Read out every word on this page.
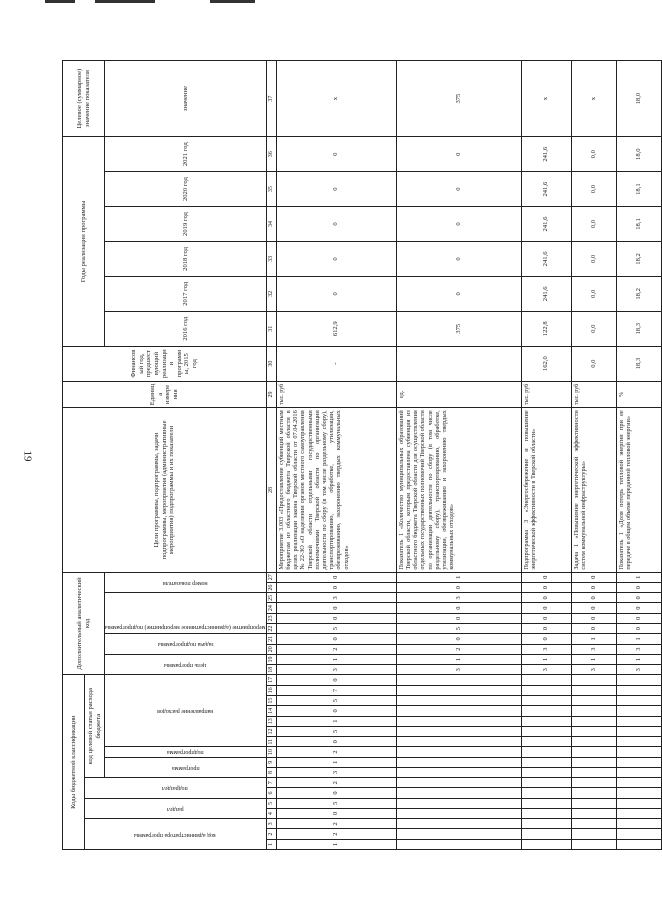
19
Коды бюджетной классификации																	Дополнительный аналитический код										Цели программы, подпрограммы, задачи подпрограммы, мероприятия (административные мероприятия) подпрограммы и их показатели	Единица измерения	Финансовый год, предшествующий реализации программы, 2015 год	Годы реализации программы						Целевое (суммарное) значение показателя

код администратора программы			раздел		подраздел		код целевой статьи расхода бюджета																													

							программа		подпрограмма	направление расходов							цель программы		задача подпрограммы		мероприятие (административное мероприятие) подпрограммы				номер показателя					2016 год	2017 год	2018 год	2019 год	2020 год	2021 год	значение
1	2	3	4	5	6	7	8	9	10	11	12	13	14	15	16	17	18	19	20	21	22	23	24	25	26	27	28	29	30	31	32	33	34	35	36	37
1	2	2	0	5	0	2	3	1	2	0	5	1	0	5	7	0	3	1	2	0	5	0	0	3	0	0	Мероприятие 3.003 «Предоставление субвенций местным бюджетам из областного бюджета Тверской области в целях реализации закона Тверской области от 07.04.2016 № 22-ЗО «О наделении органов местного самоуправления Тверской области отдельными государственными полномочиями Тверской области по организации деятельности по сбору (в том числе раздельному сбору), транспортированию, обработке, утилизации, обезвреживанию, захоронению твердых коммунальных отходов»	тыс. руб	-	612,9	0	0	0	0	0	x
																	3	1	2	0	5	0	0	3	0	1	Показатель 1 «Количество муниципальных образований Тверской области, которым предоставлена субвенция из областного бюджета Тверской области для осуществления отдельных государственных полномочий Тверской области по организации деятельности по сбору (в том числе раздельному сбору), транспортированию, обработке, утилизации, обезвреживанию и захоронению твердых коммунальных отходов»	ед.		375	0	0	0	0	0	375
																	3	1	3	0	0	0	0	0	0	0	Подпрограмма 3 «Энергосбережение и повышение энергетической эффективности в Тверской области»	тыс. руб	162,0	122,8	241,6	241,6	241,6	241,6	241,6	x
																	3	1	3	1	0	0	0	0	0	0	Задача 1 «Повышение энергетической эффективности систем коммунальной инфраструктуры»	тыс. руб	0,0	0,0	0,0	0,0	0,0	0,0	0,0	x
																	3	1	3	1	0	0	0	0	0	1	Показатель 1 «Доля потерь тепловой энергии при ее передаче в общем объеме переданной тепловой энергии»	%	18,3	18,3	18,2	18,2	18,1	18,1	18,0	18,0
